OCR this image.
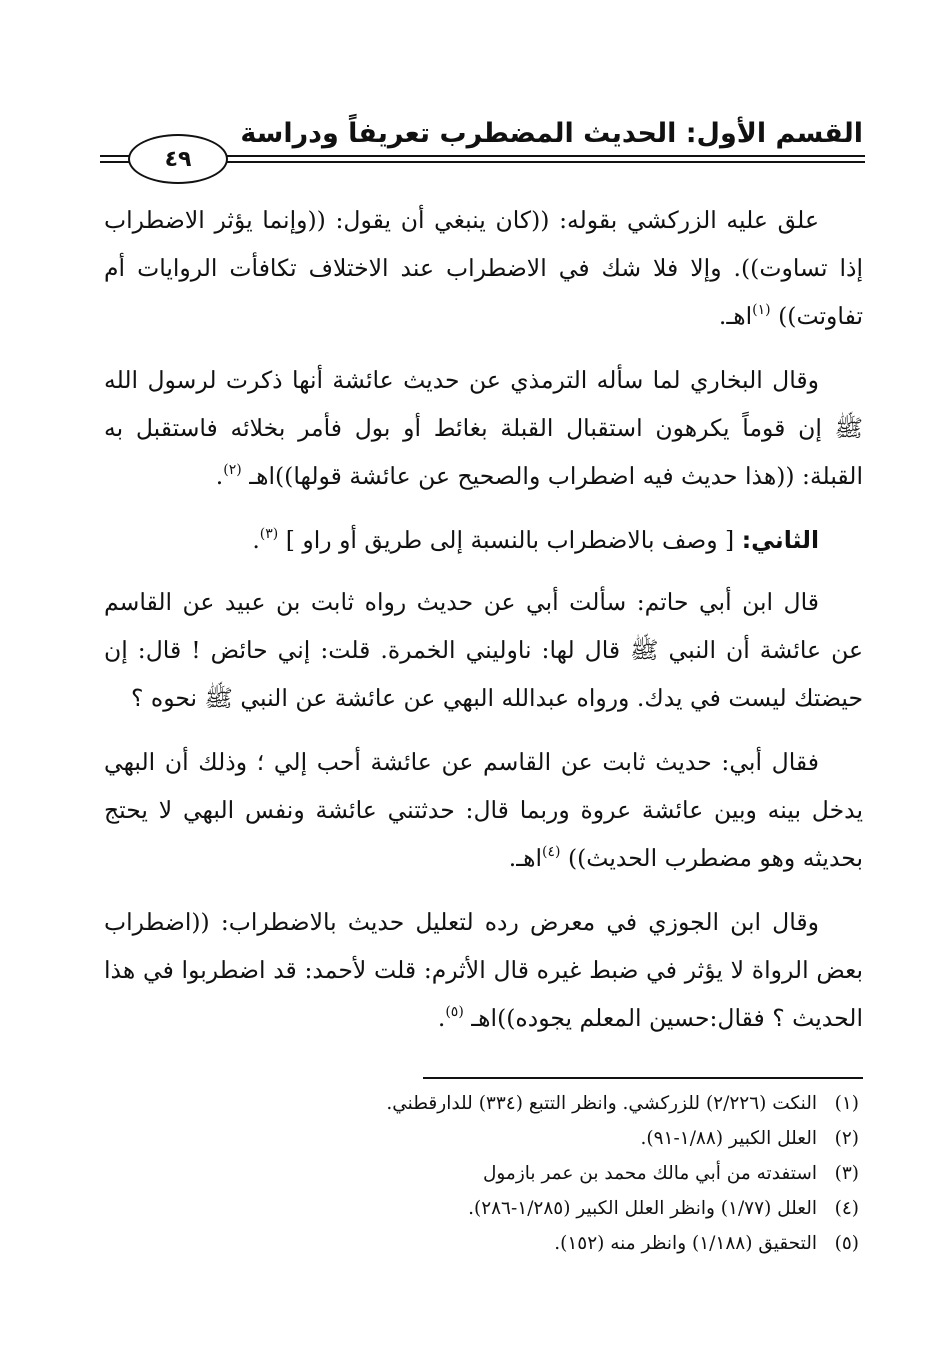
القسم الأول: الحديث المضطرب تعريفاً ودراسة
٤٩

علق عليه الزركشي بقوله: ((كان ينبغي أن يقول: ((وإنما يؤثر الاضطراب إذا تساوت)). وإلا فلا شك في الاضطراب عند الاختلاف تكافأت الروايات أم تفاوتت)) $^{(١)}$اهـ.

وقال البخاري لما سأله الترمذي عن حديث عائشة أنها ذكرت لرسول الله ﷺ إن قوماً يكرهون استقبال القبلة بغائط أو بول فأمر بخلائه فاستقبل به القبلة: ((هذا حديث فيه اضطراب والصحيح عن عائشة قولها))اهـ $^{(٢)}$.

الثاني: [ وصف بالاضطراب بالنسبة إلى طريق أو راو ] $^{(٣)}$.

قال ابن أبي حاتم: سألت أبي عن حديث رواه ثابت بن عبيد عن القاسم عن عائشة أن النبي ﷺ قال لها: ناوليني الخمرة. قلت: إني حائض ! قال: إن حيضتك ليست في يدك. ورواه عبدالله البهي عن عائشة عن النبي ﷺ نحوه ؟

فقال أبي: حديث ثابت عن القاسم عن عائشة أحب إلي ؛ وذلك أن البهي يدخل بينه وبين عائشة عروة وربما قال: حدثتني عائشة ونفس البهي لا يحتج بحديثه وهو مضطرب الحديث)) $^{(٤)}$اهـ.

وقال ابن الجوزي في معرض رده لتعليل حديث بالاضطراب: ((اضطراب بعض الرواة لا يؤثر في ضبط غيره قال الأثرم: قلت لأحمد: قد اضطربوا في هذا الحديث ؟ فقال:حسين المعلم يجوده))اهـ $^{(٥)}$.

(١)
النكت (٢/٢٢٦) للزركشي. وانظر التتبع (٣٣٤) للدارقطني.
(٢)
العلل الكبير (١/٨٨-٩١).
(٣)
استفدته من أبي مالك محمد بن عمر بازمول
(٤)
العلل (١/٧٧) وانظر العلل الكبير (١/٢٨٥-٢٨٦).
(٥)
التحقيق (١/١٨٨) وانظر منه (١٥٢).
